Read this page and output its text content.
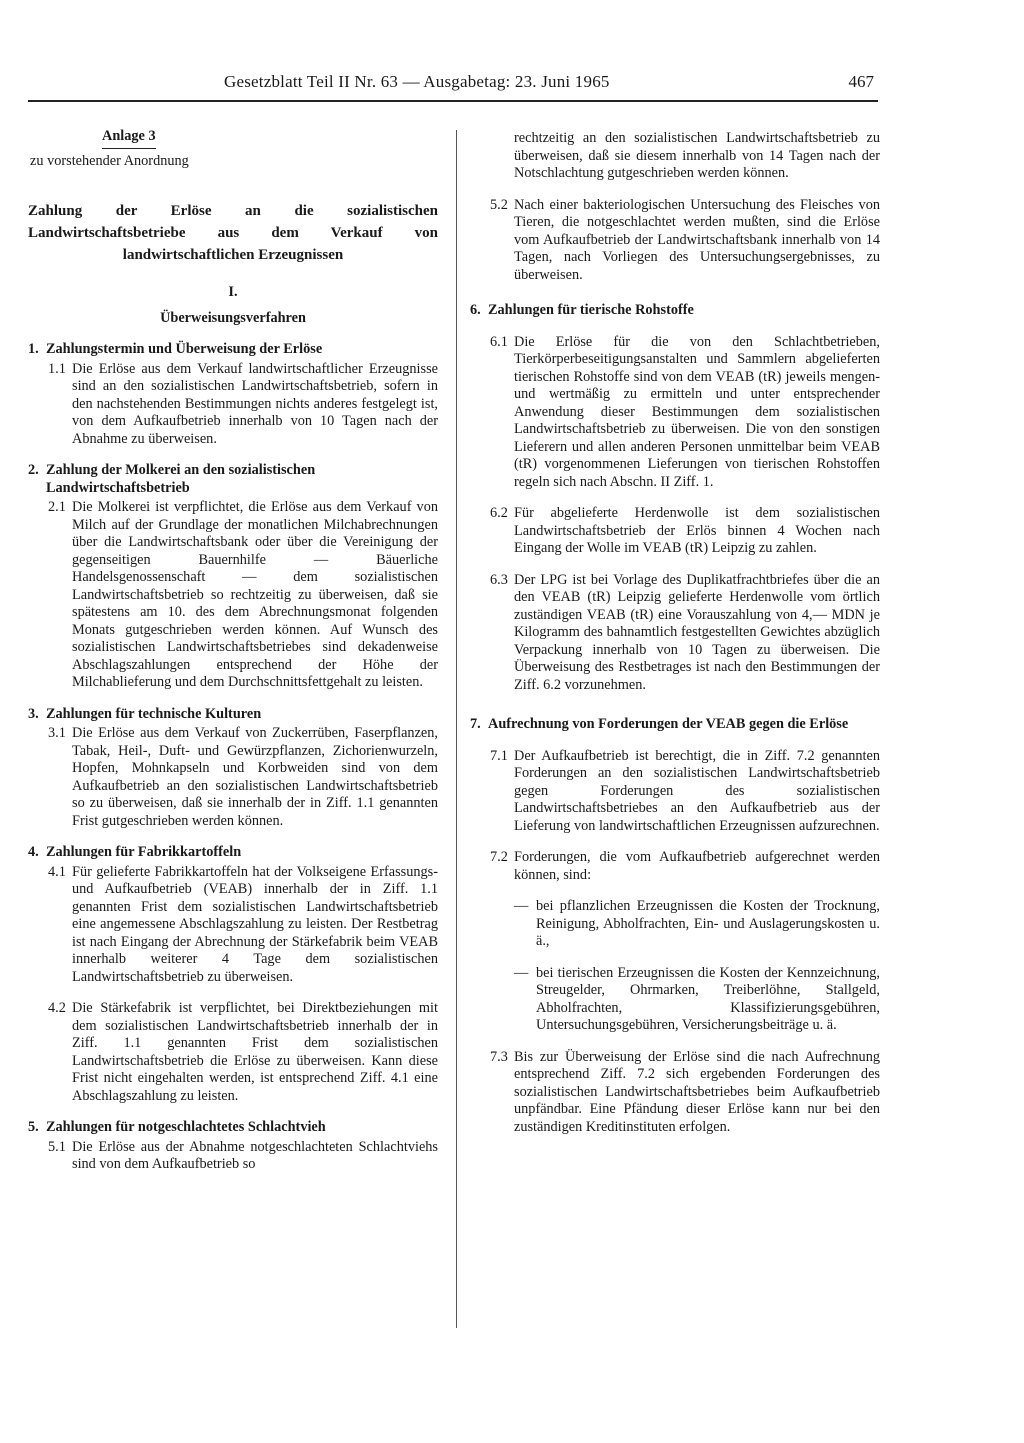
Gesetzblatt Teil II Nr. 63 — Ausgabetag: 23. Juni 1965	467
Anlage 3
zu vorstehender Anordnung
Zahlung der Erlöse an die sozialistischen Landwirtschaftsbetriebe aus dem Verkauf von landwirtschaftlichen Erzeugnissen
I.
Überweisungsverfahren
1. Zahlungstermin und Überweisung der Erlöse
1.1 Die Erlöse aus dem Verkauf landwirtschaftlicher Erzeugnisse sind an den sozialistischen Landwirtschaftsbetrieb, sofern in den nachstehenden Bestimmungen nichts anderes festgelegt ist, von dem Aufkaufbetrieb innerhalb von 10 Tagen nach der Abnahme zu überweisen.
2. Zahlung der Molkerei an den sozialistischen Landwirtschaftsbetrieb
2.1 Die Molkerei ist verpflichtet, die Erlöse aus dem Verkauf von Milch auf der Grundlage der monatlichen Milchabrechnungen über die Landwirtschaftsbank oder über die Vereinigung der gegenseitigen Bauernhilfe — Bäuerliche Handelsgenossenschaft — dem sozialistischen Landwirtschaftsbetrieb so rechtzeitig zu überweisen, daß sie spätestens am 10. des dem Abrechnungsmonat folgenden Monats gutgeschrieben werden können. Auf Wunsch des sozialistischen Landwirtschaftsbetriebes sind dekadenweise Abschlagszahlungen entsprechend der Höhe der Milchablieferung und dem Durchschnittsfettgehalt zu leisten.
3. Zahlungen für technische Kulturen
3.1 Die Erlöse aus dem Verkauf von Zuckerrüben, Faserpflanzen, Tabak, Heil-, Duft- und Gewürzpflanzen, Zichorienwurzeln, Hopfen, Mohnkapseln und Korbweiden sind von dem Aufkaufbetrieb an den sozialistischen Landwirtschaftsbetrieb so zu überweisen, daß sie innerhalb der in Ziff. 1.1 genannten Frist gutgeschrieben werden können.
4. Zahlungen für Fabrikkartoffeln
4.1 Für gelieferte Fabrikkartoffeln hat der Volkseigene Erfassungs- und Aufkaufbetrieb (VEAB) innerhalb der in Ziff. 1.1 genannten Frist dem sozialistischen Landwirtschaftsbetrieb eine angemessene Abschlagszahlung zu leisten. Der Restbetrag ist nach Eingang der Abrechnung der Stärkefabrik beim VEAB innerhalb weiterer 4 Tage dem sozialistischen Landwirtschaftsbetrieb zu überweisen.
4.2 Die Stärkefabrik ist verpflichtet, bei Direktbeziehungen mit dem sozialistischen Landwirtschaftsbetrieb innerhalb der in Ziff. 1.1 genannten Frist dem sozialistischen Landwirtschaftsbetrieb die Erlöse zu überweisen. Kann diese Frist nicht eingehalten werden, ist entsprechend Ziff. 4.1 eine Abschlagszahlung zu leisten.
5. Zahlungen für notgeschlachtetes Schlachtvieh
5.1 Die Erlöse aus der Abnahme notgeschlachteten Schlachtviehs sind von dem Aufkaufbetrieb so
rechtzeitig an den sozialistischen Landwirtschaftsbetrieb zu überweisen, daß sie diesem innerhalb von 14 Tagen nach der Notschlachtung gutgeschrieben werden können.
5.2 Nach einer bakteriologischen Untersuchung des Fleisches von Tieren, die notgeschlachtet werden mußten, sind die Erlöse vom Aufkaufbetrieb der Landwirtschaftsbank innerhalb von 14 Tagen, nach Vorliegen des Untersuchungsergebnisses, zu überweisen.
6. Zahlungen für tierische Rohstoffe
6.1 Die Erlöse für die von den Schlachtbetrieben, Tierkörperbeseitigungsanstalten und Sammlern abgelieferten tierischen Rohstoffe sind von dem VEAB (tR) jeweils mengen- und wertmäßig zu ermitteln und unter entsprechender Anwendung dieser Bestimmungen dem sozialistischen Landwirtschaftsbetrieb zu überweisen. Die von den sonstigen Lieferern und allen anderen Personen unmittelbar beim VEAB (tR) vorgenommenen Lieferungen von tierischen Rohstoffen regeln sich nach Abschn. II Ziff. 1.
6.2 Für abgelieferte Herdenwolle ist dem sozialistischen Landwirtschaftsbetrieb der Erlös binnen 4 Wochen nach Eingang der Wolle im VEAB (tR) Leipzig zu zahlen.
6.3 Der LPG ist bei Vorlage des Duplikatfrachtbriefes über die an den VEAB (tR) Leipzig gelieferte Herdenwolle vom örtlich zuständigen VEAB (tR) eine Vorauszahlung von 4,— MDN je Kilogramm des bahnamtlich festgestellten Gewichtes abzüglich Verpackung innerhalb von 10 Tagen zu überweisen. Die Überweisung des Restbetrages ist nach den Bestimmungen der Ziff. 6.2 vorzunehmen.
7. Aufrechnung von Forderungen der VEAB gegen die Erlöse
7.1 Der Aufkaufbetrieb ist berechtigt, die in Ziff. 7.2 genannten Forderungen an den sozialistischen Landwirtschaftsbetrieb gegen Forderungen des sozialistischen Landwirtschaftsbetriebes an den Aufkaufbetrieb aus der Lieferung von landwirtschaftlichen Erzeugnissen aufzurechnen.
7.2 Forderungen, die vom Aufkaufbetrieb aufgerechnet werden können, sind:
— bei pflanzlichen Erzeugnissen die Kosten der Trocknung, Reinigung, Abholfrachten, Ein- und Auslagerungskosten u. ä.,
— bei tierischen Erzeugnissen die Kosten der Kennzeichnung, Streugelder, Ohrmarken, Treiberlöhne, Stallgeld, Abholfrachten, Klassifizierungsgebühren, Untersuchungsgebühren, Versicherungsbeiträge u. ä.
7.3 Bis zur Überweisung der Erlöse sind die nach Aufrechnung entsprechend Ziff. 7.2 sich ergebenden Forderungen des sozialistischen Landwirtschaftsbetriebes beim Aufkaufbetrieb unpfändbar. Eine Pfändung dieser Erlöse kann nur bei den zuständigen Kreditinstituten erfolgen.
